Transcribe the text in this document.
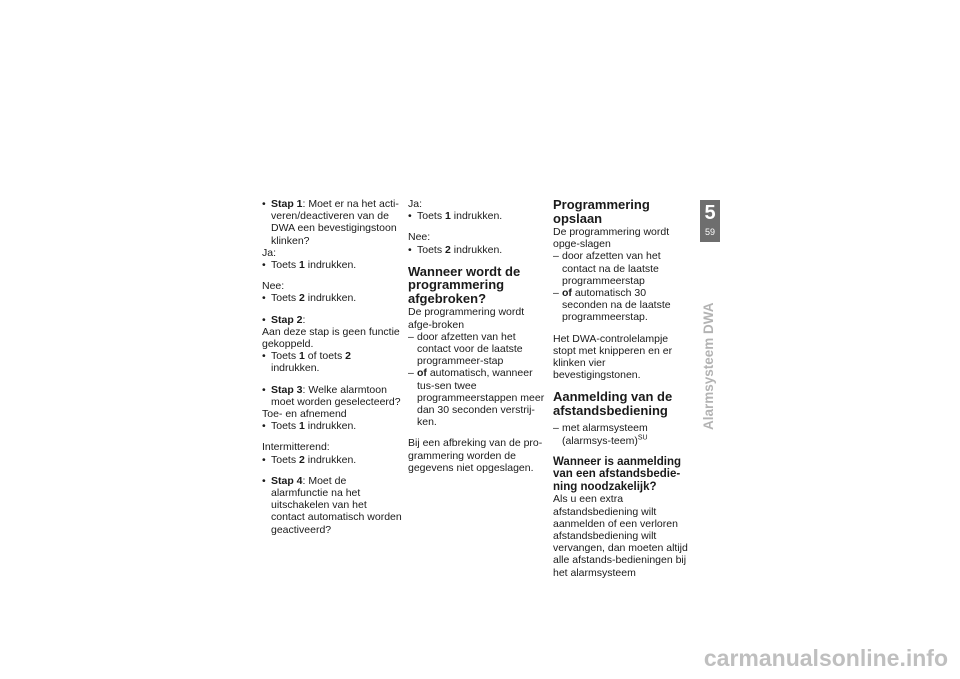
• Stap 1: Moet er na het acti-veren/deactiveren van de DWA een bevestigingstoon klinken?

Ja:

• Toets 1 indrukken.

Nee:

• Toets 2 indrukken.

• Stap 2:

Aan deze stap is geen functie gekoppeld.

• Toets 1 of toets 2 indrukken.

• Stap 3: Welke alarmtoon moet worden geselecteerd?

Toe- en afnemend

• Toets 1 indrukken.

Intermitterend:

• Toets 2 indrukken.

• Stap 4: Moet de alarmfunctie na het uitschakelen van het contact automatisch worden geactiveerd?

Ja:

• Toets 1 indrukken.

Nee:

• Toets 2 indrukken.

Wanneer wordt de programmering afgebroken?

De programmering wordt afge-broken

– door afzetten van het contact voor de laatste programmeer-stap

– of automatisch, wanneer tus-sen twee programmeerstappen meer dan 30 seconden verstrij-ken.

Bij een afbreking van de pro-grammering worden de gegevens niet opgeslagen.

Programmering opslaan

De programmering wordt opge-slagen

– door afzetten van het contact na de laatste programmeerstap

– of automatisch 30 seconden na de laatste programmeerstap.

Het DWA-controlelampje stopt met knipperen en er klinken vier bevestigingstonen.

Aanmelding van de afstandsbediening

– met alarmsysteem (alarmsys-teem)$^{SU}$

Wanneer is aanmelding van een afstandsbedie-ning noodzakelijk?

Als u een extra afstandsbediening wilt aanmelden of een verloren afstandsbediening wilt vervangen, dan moeten altijd alle afstands-bedieningen bij het alarmsysteem

5
59
Alarmsysteem DWA
carmanualsonline.info
